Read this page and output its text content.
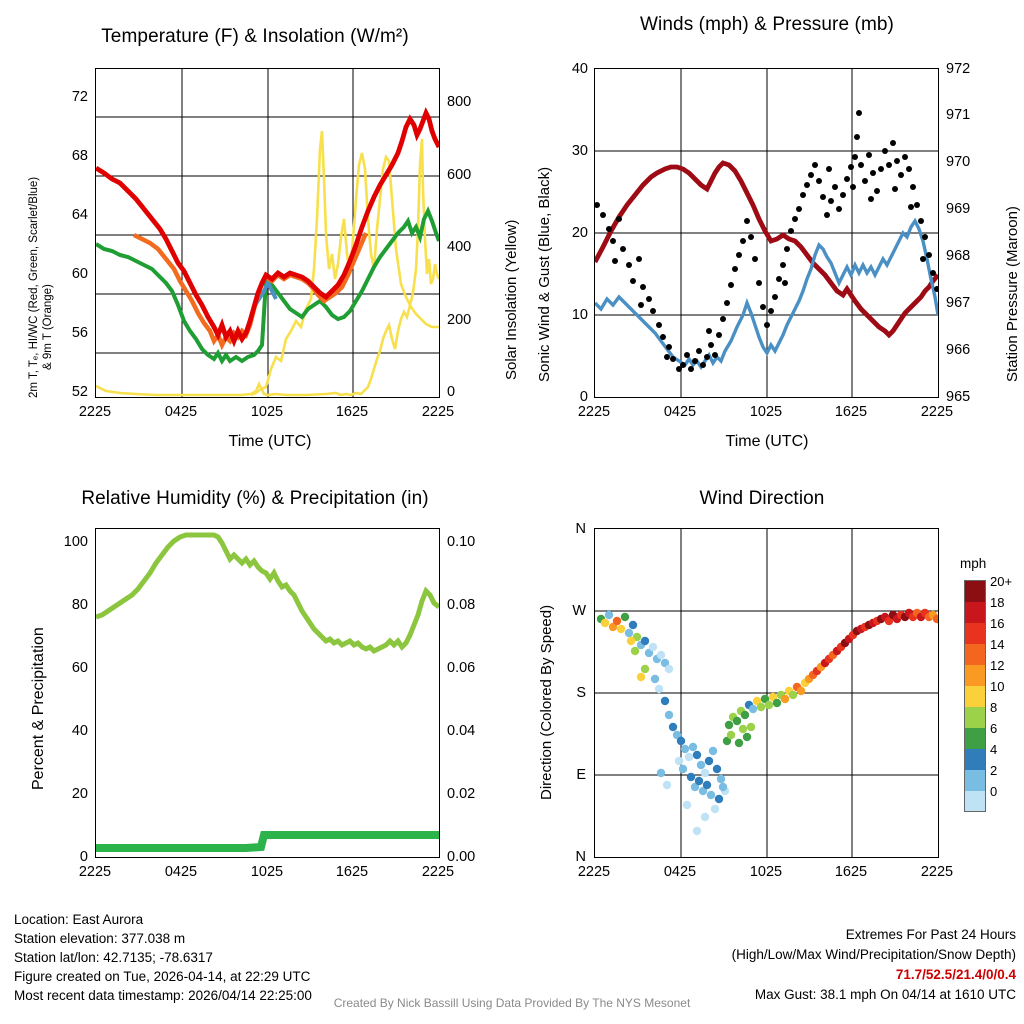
Temperature (F) & Insolation (W/m²)
2225	0425	1025	1625	2225
Time (UTC)
52
56
60
64
68
72
0
200
400
600
800
2m T, Tₑ, HI/WC (Red, Green, Scarlet/Blue) & 9m T (Orange)	Solar Insolation (Yellow)
Winds (mph) & Pressure (mb)
2225	0425	1025	1625	2225
Time (UTC)
0
10
20
30
40
965
966
967
968
969
970
971
972
Sonic Wind & Gust (Blue, Black)	Station Pressure (Maroon)
Relative Humidity (%) & Precipitation (in)
2225	0425	1025	1625	2225
0
20
40
60
80
100
0.00
0.02
0.04
0.06
0.08
0.10
Percent & Precipitation
Wind Direction
2225	0425	1025	1625	2225
N
W
S
E
N
Direction (Colored By Speed)
mph
20+
18
16
14
12
10
8
6
4
2
0
Location: East Aurora
Station elevation: 377.038 m
Station lat/lon: 42.7135; -78.6317
Figure created on Tue, 2026-04-14, at 22:29 UTC
Most recent data timestamp: 2026/04/14 22:25:00
Extremes For Past 24 Hours
(High/Low/Max Wind/Precipitation/Snow Depth)
71.7/52.5/21.4/0/0.4
Max Gust: 38.1 mph On 04/14 at 1610 UTC
Created By Nick Bassill Using Data Provided By The NYS Mesonet
